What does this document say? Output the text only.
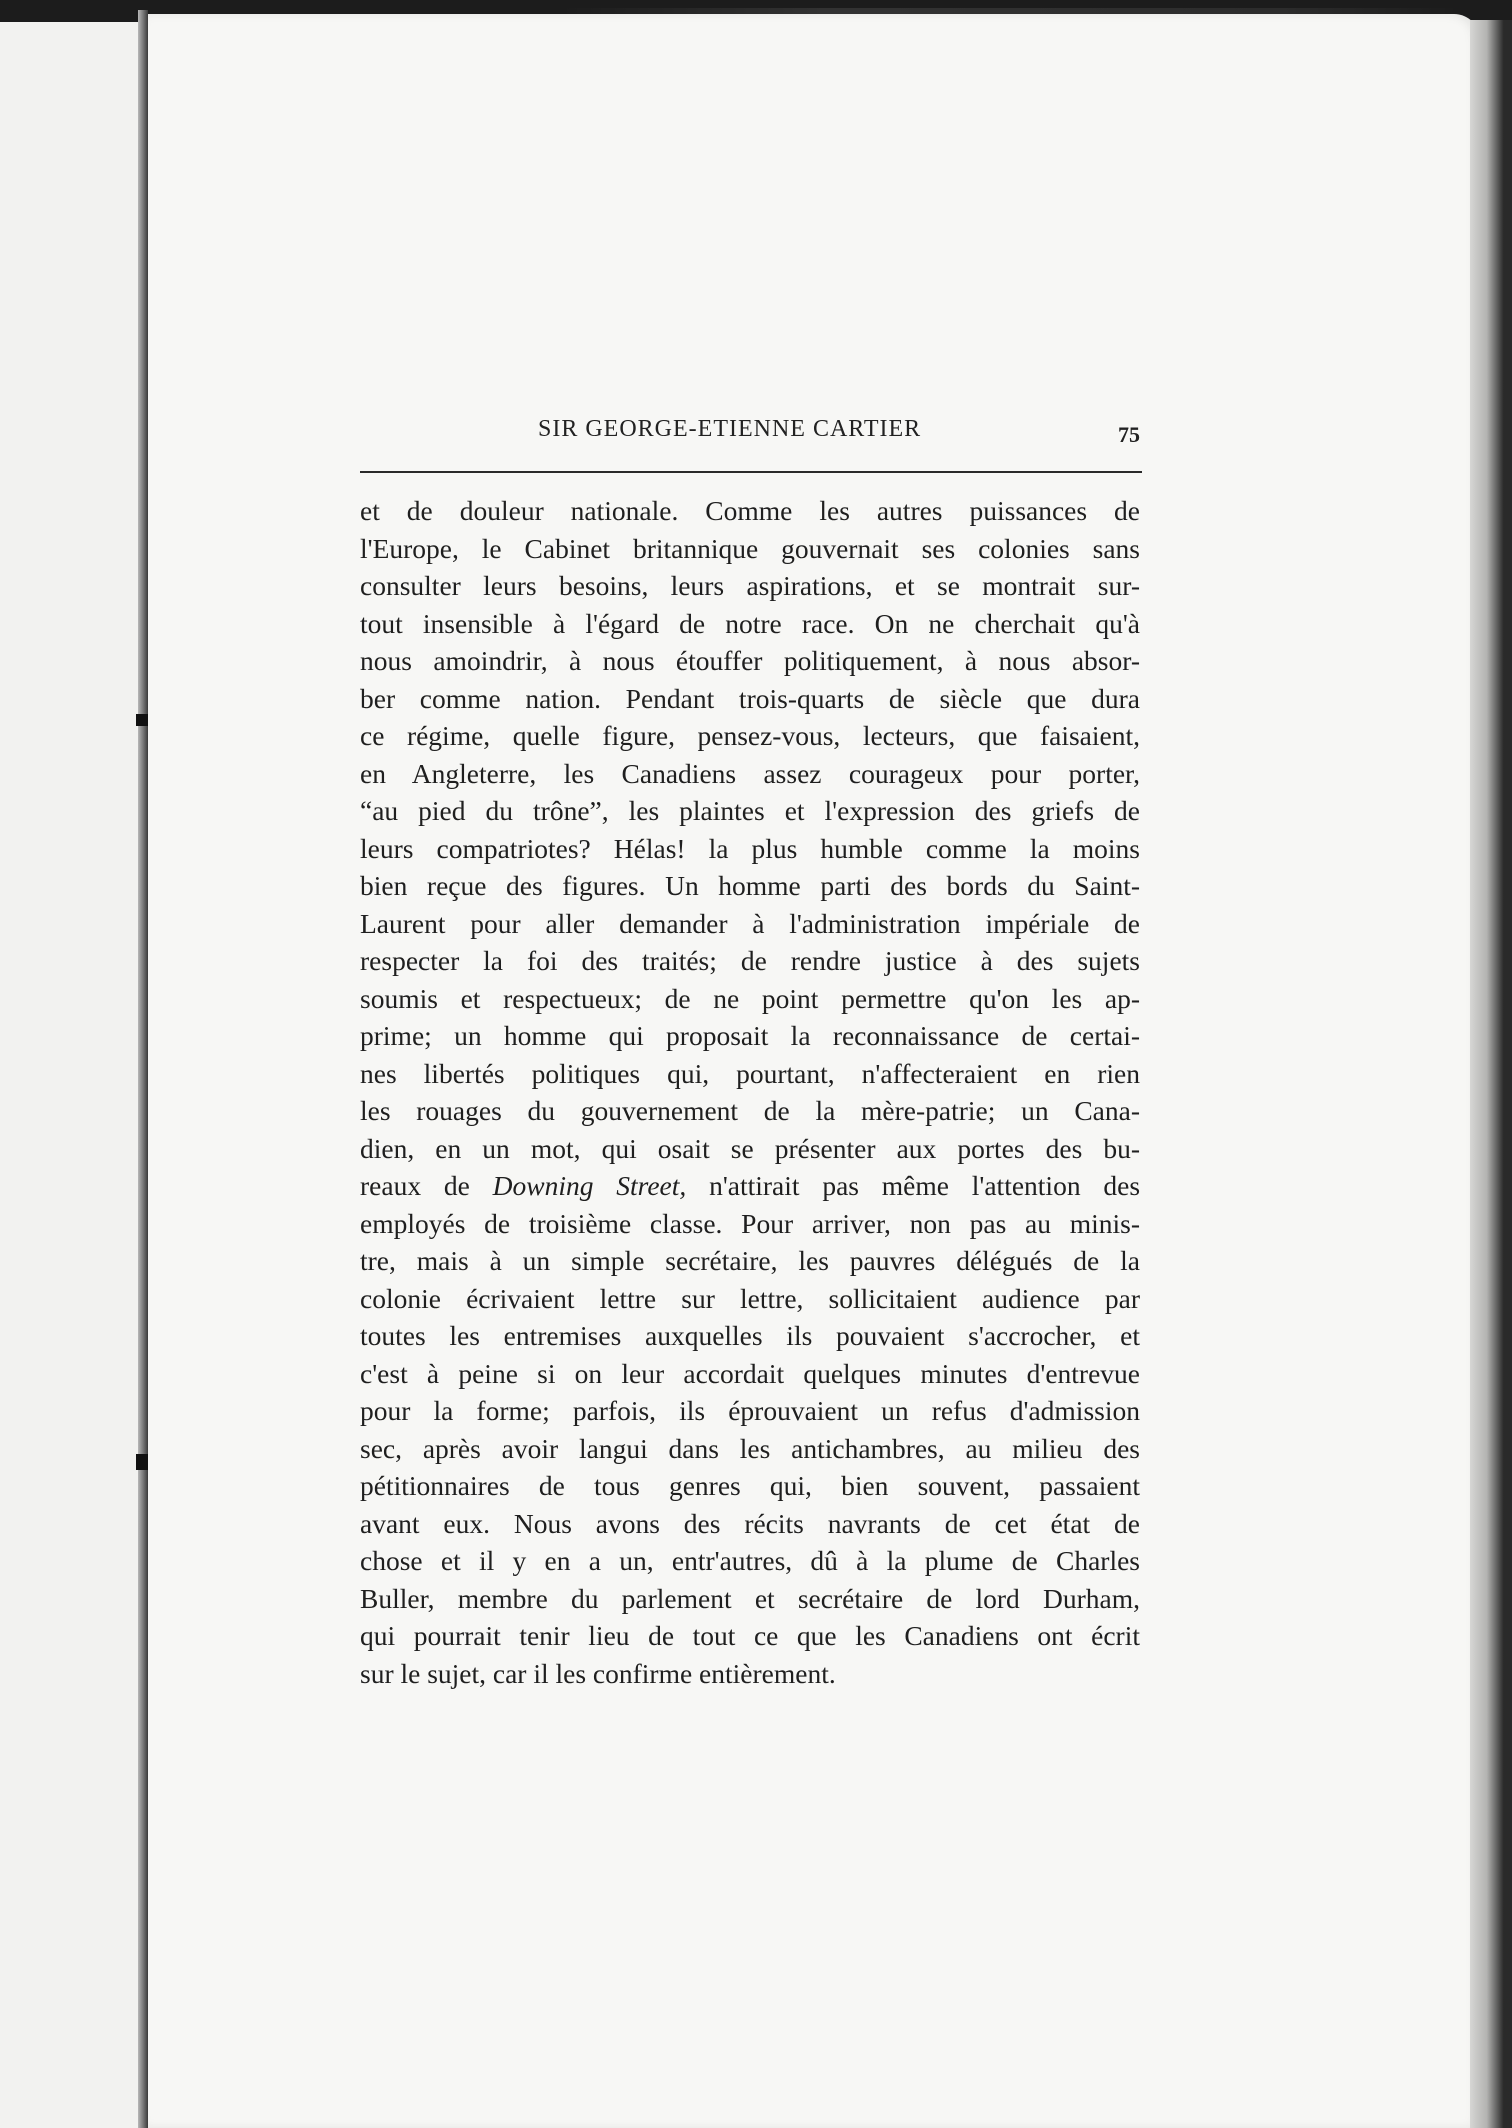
SIR GEORGE-ETIENNE CARTIER	75
et de douleur nationale. Comme les autres puissances de
l'Europe, le Cabinet britannique gouvernait ses colonies sans
consulter leurs besoins, leurs aspirations, et se montrait sur-
tout insensible à l'égard de notre race. On ne cherchait qu'à
nous amoindrir, à nous étouffer politiquement, à nous absor-
ber comme nation. Pendant trois-quarts de siècle que dura
ce régime, quelle figure, pensez-vous, lecteurs, que faisaient,
en Angleterre, les Canadiens assez courageux pour porter,
“au pied du trône”, les plaintes et l'expression des griefs de
leurs compatriotes? Hélas! la plus humble comme la moins
bien reçue des figures. Un homme parti des bords du Saint-
Laurent pour aller demander à l'administration impériale de
respecter la foi des traités; de rendre justice à des sujets
soumis et respectueux; de ne point permettre qu'on les ap-
prime; un homme qui proposait la reconnaissance de certai-
nes libertés politiques qui, pourtant, n'affecteraient en rien
les rouages du gouvernement de la mère-patrie; un Cana-
dien, en un mot, qui osait se présenter aux portes des bu-
reaux de Downing Street, n'attirait pas même l'attention des
employés de troisième classe. Pour arriver, non pas au minis-
tre, mais à un simple secrétaire, les pauvres délégués de la
colonie écrivaient lettre sur lettre, sollicitaient audience par
toutes les entremises auxquelles ils pouvaient s'accrocher, et
c'est à peine si on leur accordait quelques minutes d'entrevue
pour la forme; parfois, ils éprouvaient un refus d'admission
sec, après avoir langui dans les antichambres, au milieu des
pétitionnaires de tous genres qui, bien souvent, passaient
avant eux. Nous avons des récits navrants de cet état de
chose et il y en a un, entr'autres, dû à la plume de Charles
Buller, membre du parlement et secrétaire de lord Durham,
qui pourrait tenir lieu de tout ce que les Canadiens ont écrit
sur le sujet, car il les confirme entièrement.
